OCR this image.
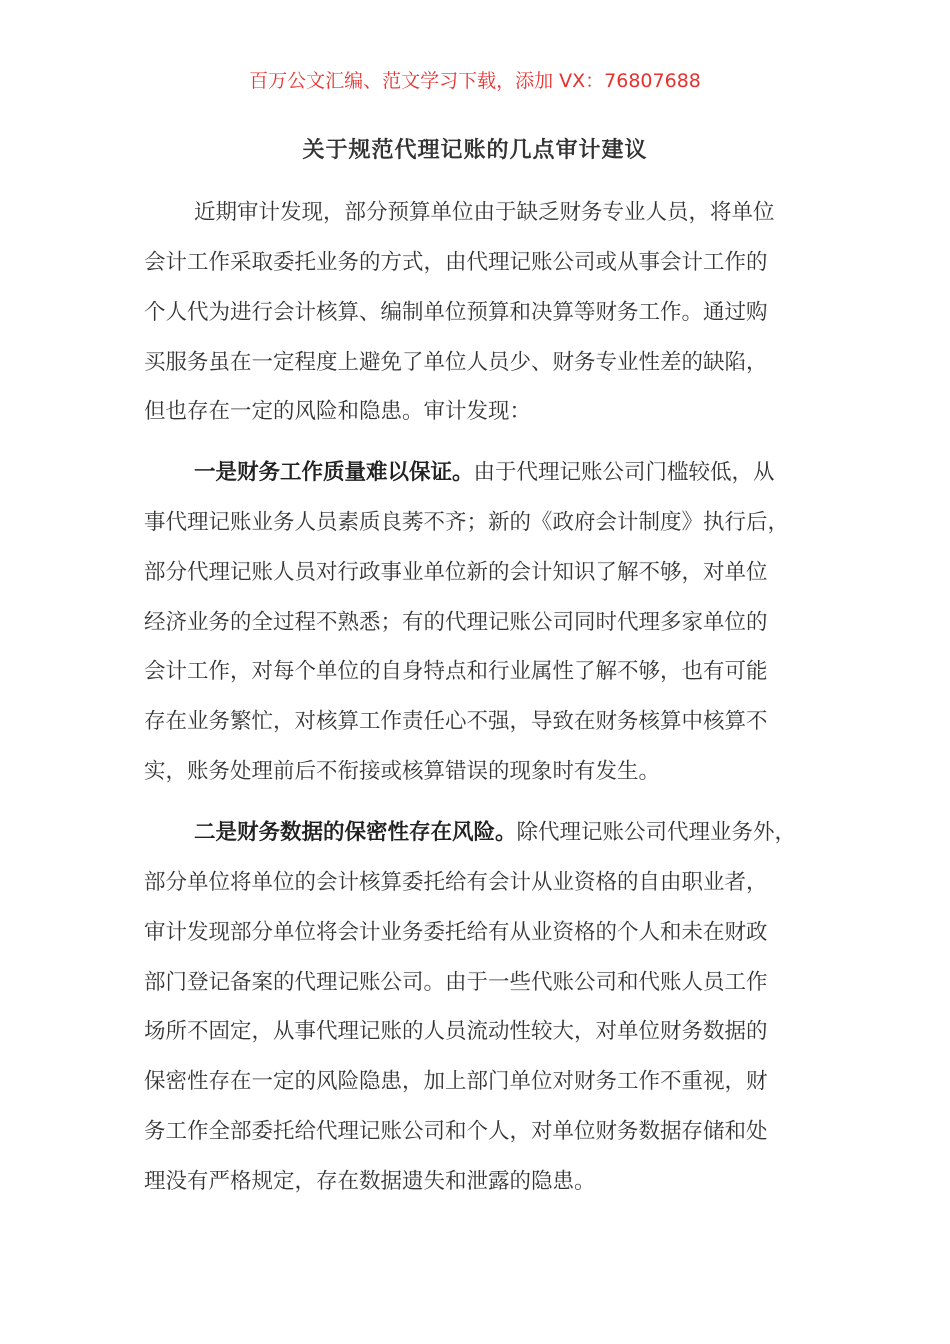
百万公文汇编、范文学习下载，添加 VX：76807688
关于规范代理记账的几点审计建议
近期审计发现，部分预算单位由于缺乏财务专业人员，将单位
会计工作采取委托业务的方式，由代理记账公司或从事会计工作的
个人代为进行会计核算、编制单位预算和决算等财务工作。通过购
买服务虽在一定程度上避免了单位人员少、财务专业性差的缺陷，
但也存在一定的风险和隐患。审计发现：
一是财务工作质量难以保证。由于代理记账公司门槛较低，从
事代理记账业务人员素质良莠不齐；新的《政府会计制度》执行后，
部分代理记账人员对行政事业单位新的会计知识了解不够，对单位
经济业务的全过程不熟悉；有的代理记账公司同时代理多家单位的
会计工作，对每个单位的自身特点和行业属性了解不够，也有可能
存在业务繁忙，对核算工作责任心不强，导致在财务核算中核算不
实，账务处理前后不衔接或核算错误的现象时有发生。
二是财务数据的保密性存在风险。除代理记账公司代理业务外，
部分单位将单位的会计核算委托给有会计从业资格的自由职业者，
审计发现部分单位将会计业务委托给有从业资格的个人和未在财政
部门登记备案的代理记账公司。由于一些代账公司和代账人员工作
场所不固定，从事代理记账的人员流动性较大，对单位财务数据的
保密性存在一定的风险隐患，加上部门单位对财务工作不重视，财
务工作全部委托给代理记账公司和个人，对单位财务数据存储和处
理没有严格规定，存在数据遗失和泄露的隐患。
